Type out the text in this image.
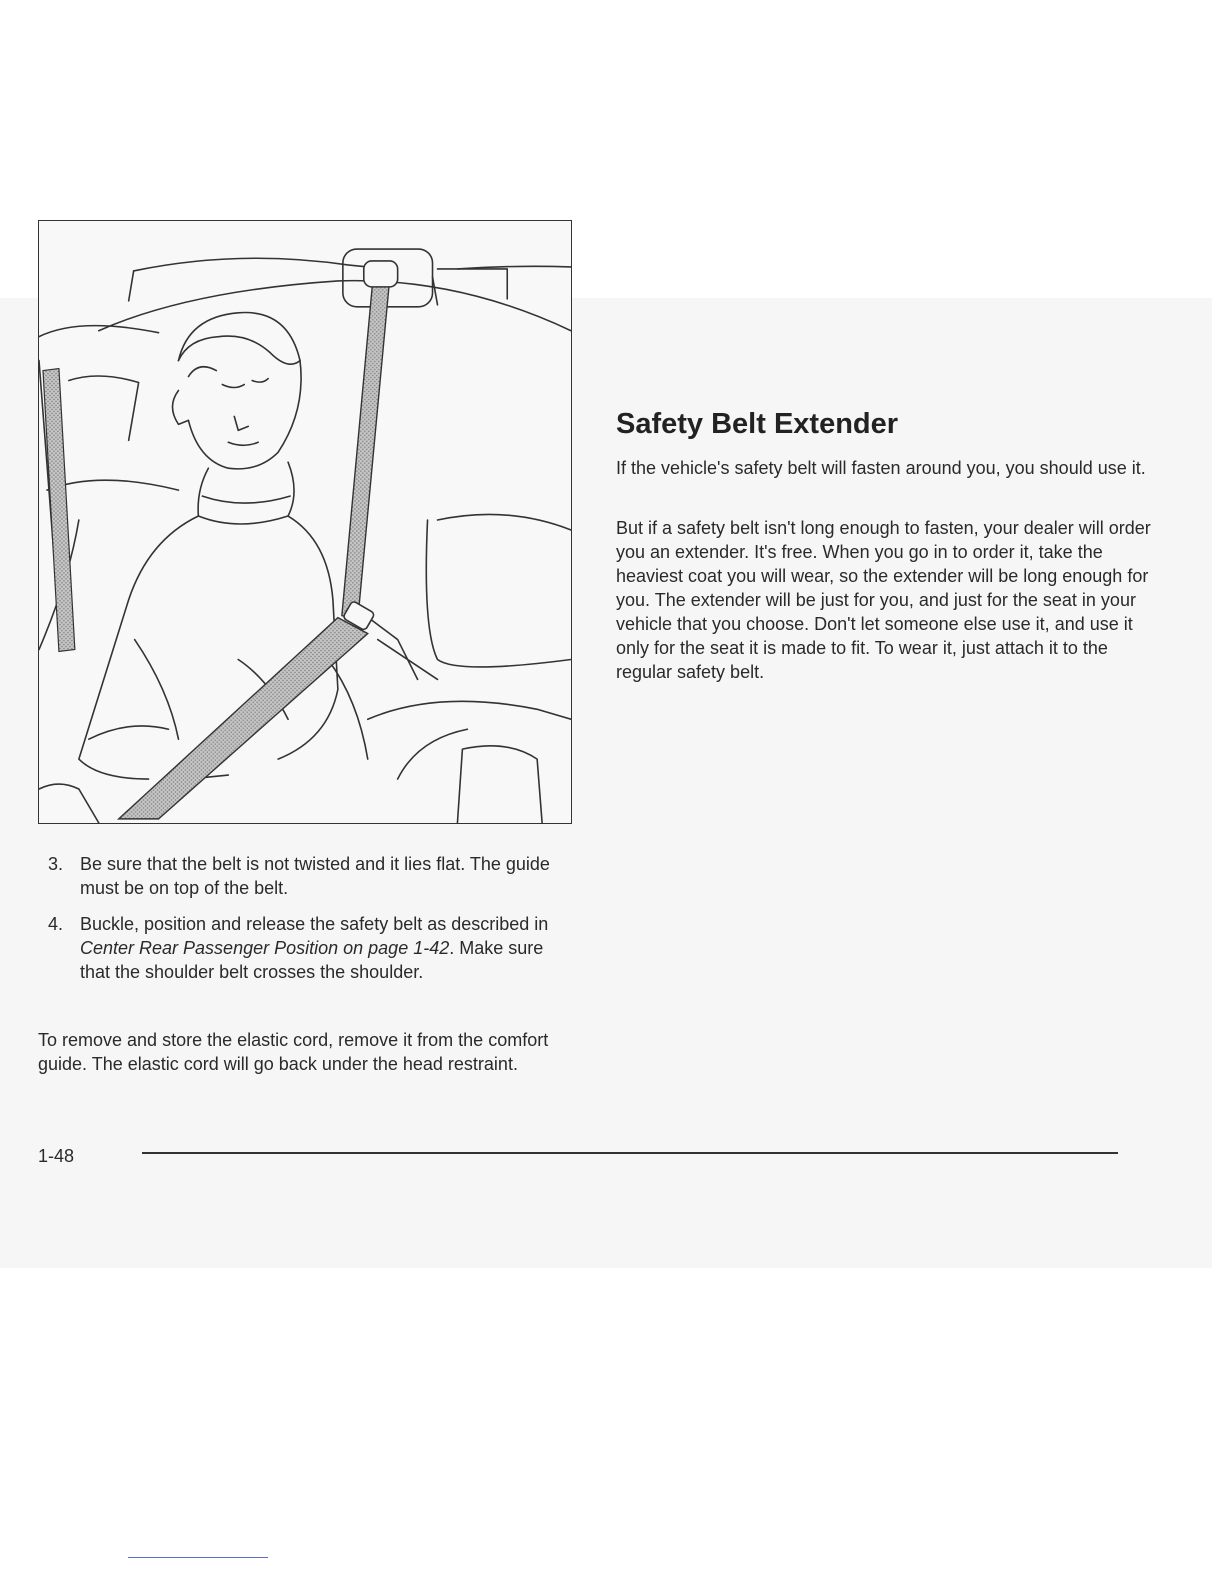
3. Be sure that the belt is not twisted and it lies flat. The guide must be on top of the belt.
4. Buckle, position and release the safety belt as described in Center Rear Passenger Position on page 1-42. Make sure that the shoulder belt crosses the shoulder.

To remove and store the elastic cord, remove it from the comfort guide. The elastic cord will go back under the head restraint.

Safety Belt Extender

If the vehicle's safety belt will fasten around you, you should use it.

But if a safety belt isn't long enough to fasten, your dealer will order you an extender. It's free. When you go in to order it, take the heaviest coat you will wear, so the extender will be long enough for you. The extender will be just for you, and just for the seat in your vehicle that you choose. Don't let someone else use it, and use it only for the seat it is made to fit. To wear it, just attach it to the regular safety belt.

1-48
